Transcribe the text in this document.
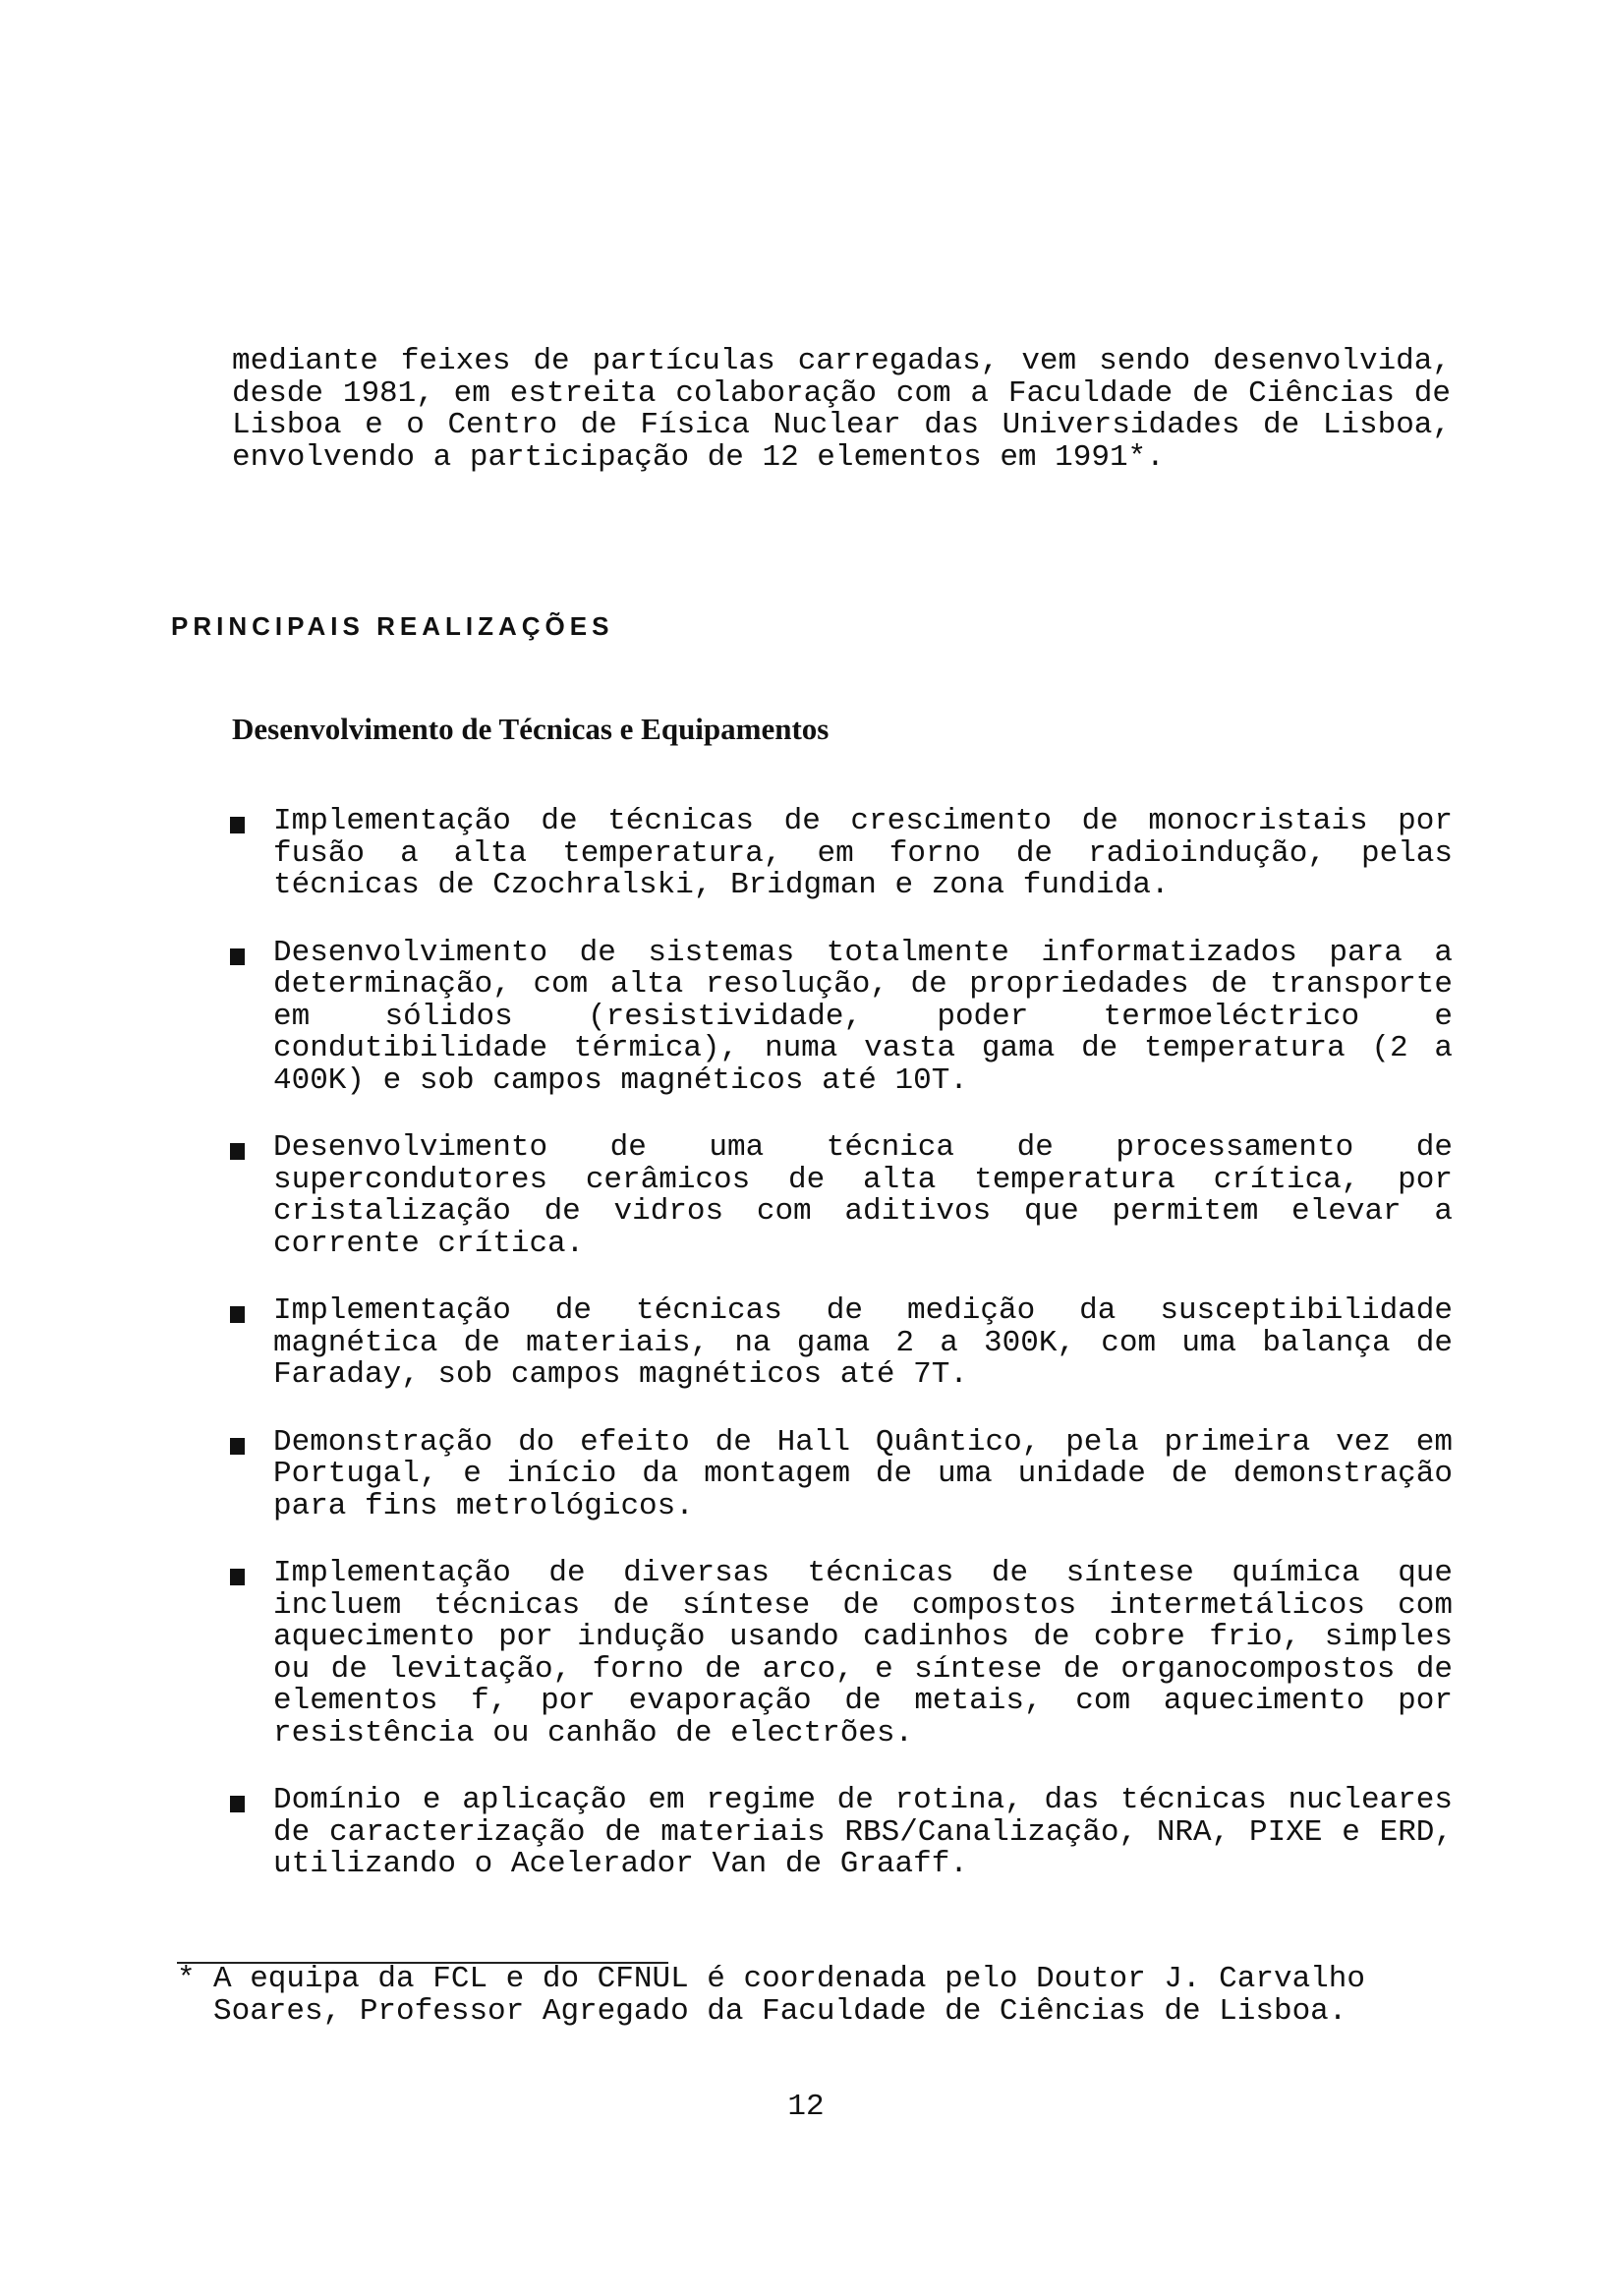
mediante feixes de partículas carregadas, vem sendo desenvolvida, desde 1981, em estreita colaboração com a Faculdade de Ciências de Lisboa e o Centro de Física Nuclear das Universidades de Lisboa, envolvendo a participação de 12 elementos em 1991*.

PRINCIPAIS REALIZAÇÕES
Desenvolvimento de Técnicas e Equipamentos
Implementação de técnicas de crescimento de monocristais por fusão a alta temperatura, em forno de radioindução, pelas técnicas de Czochralski, Bridgman e zona fundida.
Desenvolvimento de sistemas totalmente informatizados para a determinação, com alta resolução, de propriedades de transporte em sólidos (resistividade, poder termoeléctrico e condutibilidade térmica), numa vasta gama de temperatura (2 a 400K) e sob campos magnéticos até 10T.
Desenvolvimento de uma técnica de processamento de supercondutores cerâmicos de alta temperatura crítica, por cristalização de vidros com aditivos que permitem elevar a corrente crítica.
Implementação de técnicas de medição da susceptibilidade magnética de materiais, na gama 2 a 300K, com uma balança de Faraday, sob campos magnéticos até 7T.
Demonstração do efeito de Hall Quântico, pela primeira vez em Portugal, e início da montagem de uma unidade de demonstração para fins metrológicos.
Implementação de diversas técnicas de síntese química que incluem técnicas de síntese de compostos intermetálicos com aquecimento por indução usando cadinhos de cobre frio, simples ou de levitação, forno de arco, e síntese de organocompostos de elementos f, por evaporação de metais, com aquecimento por resistência ou canhão de electrões.
Domínio e aplicação em regime de rotina, das técnicas nucleares de caracterização de materiais RBS/Canalização, NRA, PIXE e ERD, utilizando o Acelerador Van de Graaff.
* A equipa da FCL e do CFNUL é coordenada pelo Doutor J. Carvalho
Soares, Professor Agregado da Faculdade de Ciências de Lisboa.
12
